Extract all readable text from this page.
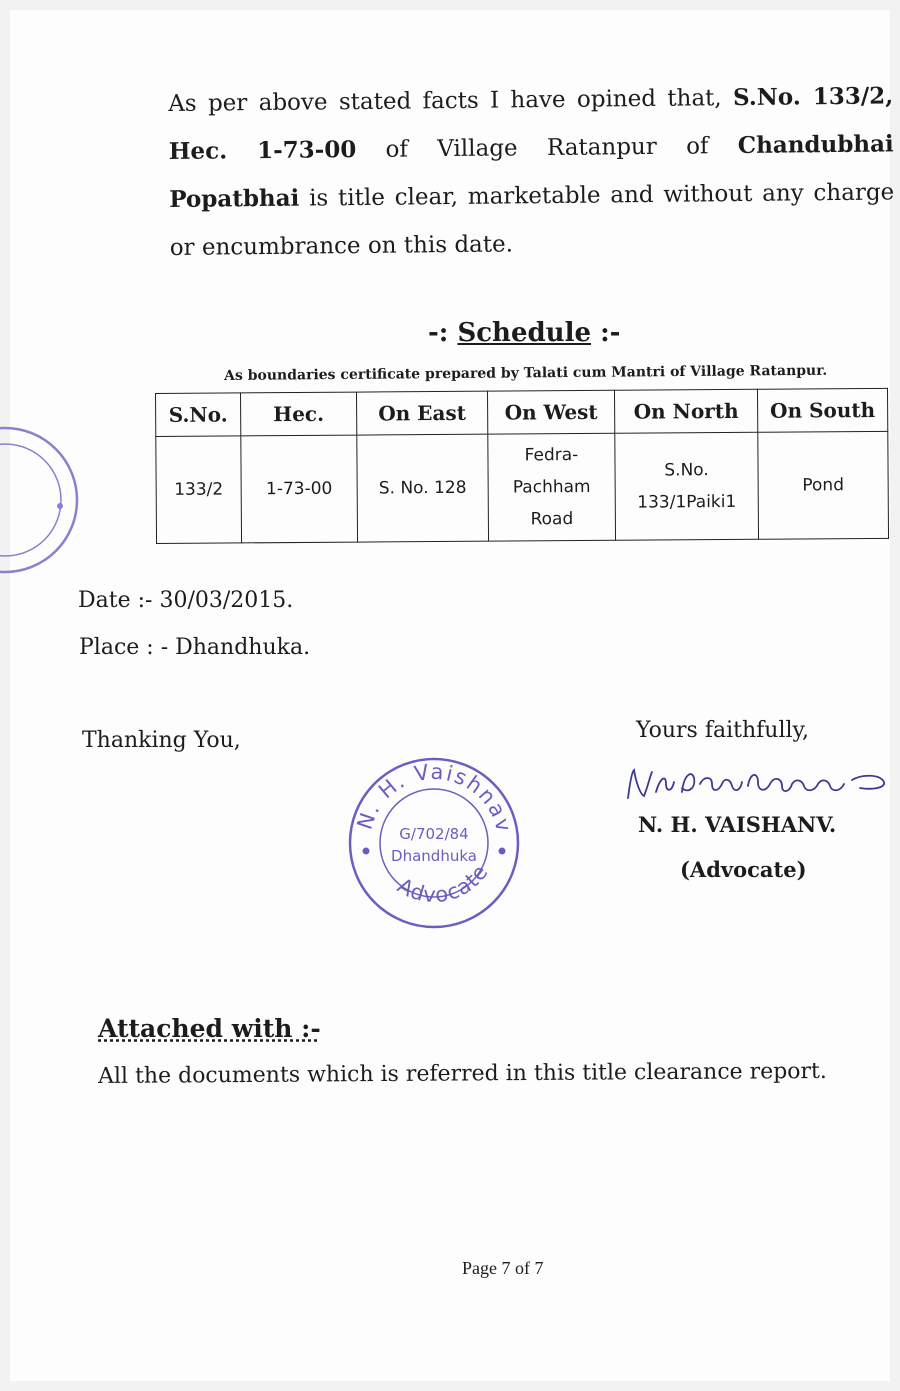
As per above stated facts I have opined that, S.No. 133/2, Hec. 1-73-00 of Village Ratanpur of Chandubhai Popatbhai is title clear, marketable and without any charge or encumbrance on this date.
-: Schedule :-
As boundaries certificate prepared by Talati cum Mantri of Village Ratanpur.
S.No.	Hec.	On East	On West	On North	On South
133/2	1-73-00	S. No. 128	Fedra-Pachham Road	S.No. 133/1Paiki1	Pond
Date :- 30/03/2015.
Place : - Dhandhuka.
Thanking You,	Yours faithfully,
N. H. VAISHANV.
(Advocate)
N. H. Vaishnav
Advocate
G/702/84
Dhandhuka
Attached with :-
All the documents which is referred in this title clearance report.
Page 7 of 7
